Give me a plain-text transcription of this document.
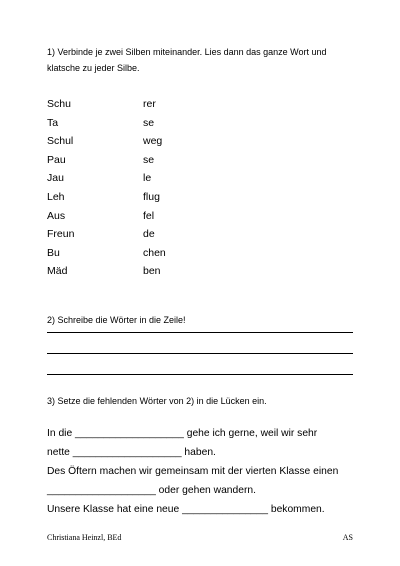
1) Verbinde je zwei Silben miteinander. Lies dann das ganze Wort und
klatsche zu jeder Silbe.
Schu
Ta
Schul
Pau
Jau
Leh
Aus
Freun
Bu
Mäd
rer
se
weg
se
le
flug
fel
de
chen
ben
2) Schreibe die Wörter in die Zeile!
3) Setze die fehlenden Wörter von 2) in die Lücken ein.
In die ___________________ gehe ich gerne, weil wir sehr
nette ___________________ haben.
Des Öftern machen wir gemeinsam mit der vierten Klasse einen
___________________ oder gehen wandern.
Unsere Klasse hat eine neue _______________ bekommen.
Christiana Heinzl, BEd	AS
